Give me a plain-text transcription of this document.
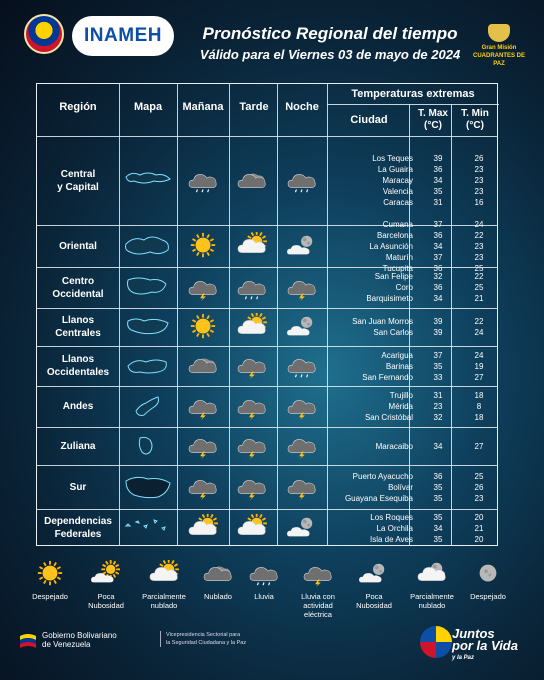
INAMEH	Pronóstico Regional del tiempo
Válido para el Viernes 03 de mayo de 2024	Gran Misión CUADRANTES DE PAZ
Región	Mapa	Mañana	Tarde	Noche
Temperaturas extremas
Ciudad
T. Max
(°C)
T. Min
(°C)
Central
y Capital
Los Teques	39	26
La Guaira	36	23
Maracay	34	23
Valencia	35	23
Caracas	31	16
Oriental
Cumana	37	24
Barcelona	36	22
La Asunción	34	23
Maturín	37	23
Tucupita	36	25
Centro
Occidental
San Felipe	32	22
Coro	36	25
Barquisimeto	34	21
Llanos
Centrales
San Juan Morros	39	22
San Carlos	39	24
Llanos
Occidentales
Acarigua	37	24
Barinas	35	19
San Fernando	33	27
Andes
Trujillo	31	18
Mérida	23	8
San Cristóbal	32	18
Zuliana	Maracaibo	34	27
Sur
Puerto Ayacucho	36	25
Bolívar	35	26
Guayana Esequiba	35	23
Dependencias
Federales
Los Roques	35	20
La Orchila	34	21
Isla de Aves	35	20
Despejado	Poca
Nubosidad
Parcialmente
nublado
Nublado	Lluvia	Lluvia con
actividad
eléctrica
Poca
Nubosidad
Parcialmente
nublado
Despejado
Gobierno Bolivariano
de Venezuela
Vicepresidencia Sectorial para
la Seguridad Ciudadana y la Paz
Juntos
por la Vida
y la Paz
